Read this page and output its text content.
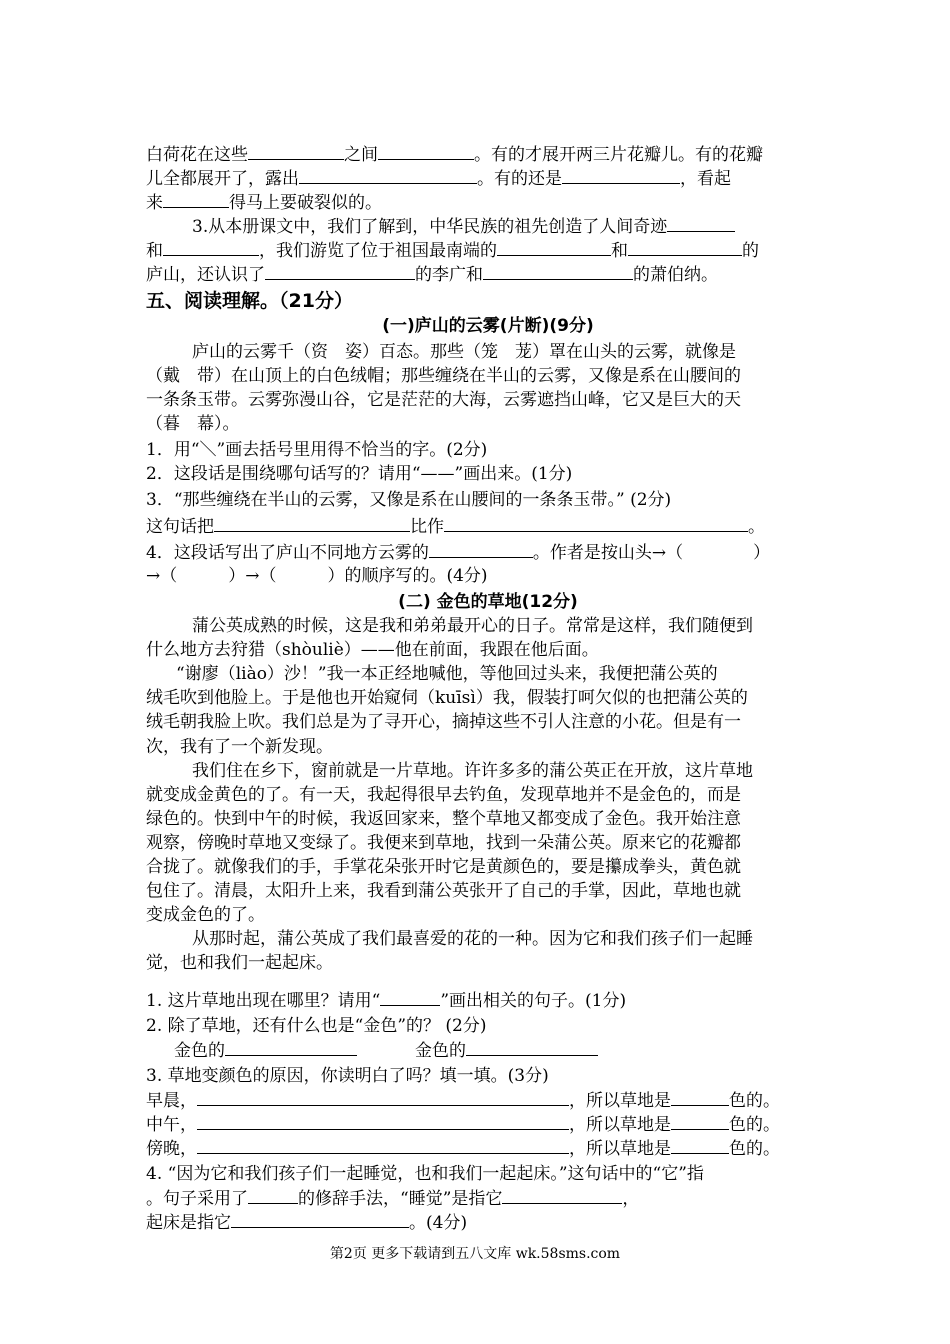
白荷花在这些	之间	。有的才展开两三片花瓣儿。有的花瓣
儿全都展开了，露出	。有的还是	，看起
来	得马上要破裂似的。
3.从本册课文中，我们了解到，中华民族的祖先创造了人间奇迹
和	，我们游览了位于祖国最南端的	和	的
庐山，还认识了	的李广和	的萧伯纳。
五、阅读理解。（21分）
(一)庐山的云雾(片断)(9分)
庐山的云雾千（资　姿）百态。那些（笼　茏）罩在山头的云雾，就像是
（戴　带）在山顶上的白色绒帽；那些缠绕在半山的云雾，又像是系在山腰间的
一条条玉带。云雾弥漫山谷，它是茫茫的大海，云雾遮挡山峰，它又是巨大的天
（暮　幕）。
1．用“＼”画去括号里用得不恰当的字。(2分)
2．这段话是围绕哪句话写的？请用“——”画出来。(1分)
3．“那些缠绕在半山的云雾，又像是系在山腰间的一条条玉带。” (2分)
这句话把	比作	。
4．这段话写出了庐山不同地方云雾的	。作者是按山头→（	）
→（　　　）→（　　　）的顺序写的。(4分)
(二) 金色的草地(12分)
蒲公英成熟的时候，这是我和弟弟最开心的日子。常常是这样，我们随便到
什么地方去狩猎（shòuliè）——他在前面，我跟在他后面。
“谢廖（liào）沙！”我一本正经地喊他，等他回过头来，我便把蒲公英的
绒毛吹到他脸上。于是他也开始窥伺（kuīsì）我，假装打呵欠似的也把蒲公英的
绒毛朝我脸上吹。我们总是为了寻开心，摘掉这些不引人注意的小花。但是有一
次，我有了一个新发现。
我们住在乡下，窗前就是一片草地。许许多多的蒲公英正在开放，这片草地
就变成金黄色的了。有一天，我起得很早去钓鱼，发现草地并不是金色的，而是
绿色的。快到中午的时候，我返回家来，整个草地又都变成了金色。我开始注意
观察，傍晚时草地又变绿了。我便来到草地，找到一朵蒲公英。原来它的花瓣都
合拢了。就像我们的手，手掌花朵张开时它是黄颜色的，要是攥成拳头，黄色就
包住了。清晨，太阳升上来，我看到蒲公英张开了自己的手掌，因此，草地也就
变成金色的了。
从那时起，蒲公英成了我们最喜爱的花的一种。因为它和我们孩子们一起睡
觉，也和我们一起起床。
1. 这片草地出现在哪里？请用“	”画出相关的句子。(1分)
2. 除了草地，还有什么也是“金色”的？ (2分)
金色的	金色的
3. 草地变颜色的原因，你读明白了吗？填一填。(3分)
早晨，	，所以草地是	色的。
中午，	，所以草地是	色的。
傍晚，	，所以草地是	色的。
4. “因为它和我们孩子们一起睡觉，也和我们一起起床。”这句话中的“它”指
。句子采用了	的修辞手法，“睡觉”是指它	，
起床是指它	。(4分)
第2页 更多下载请到五八文库 wk.58sms.com
